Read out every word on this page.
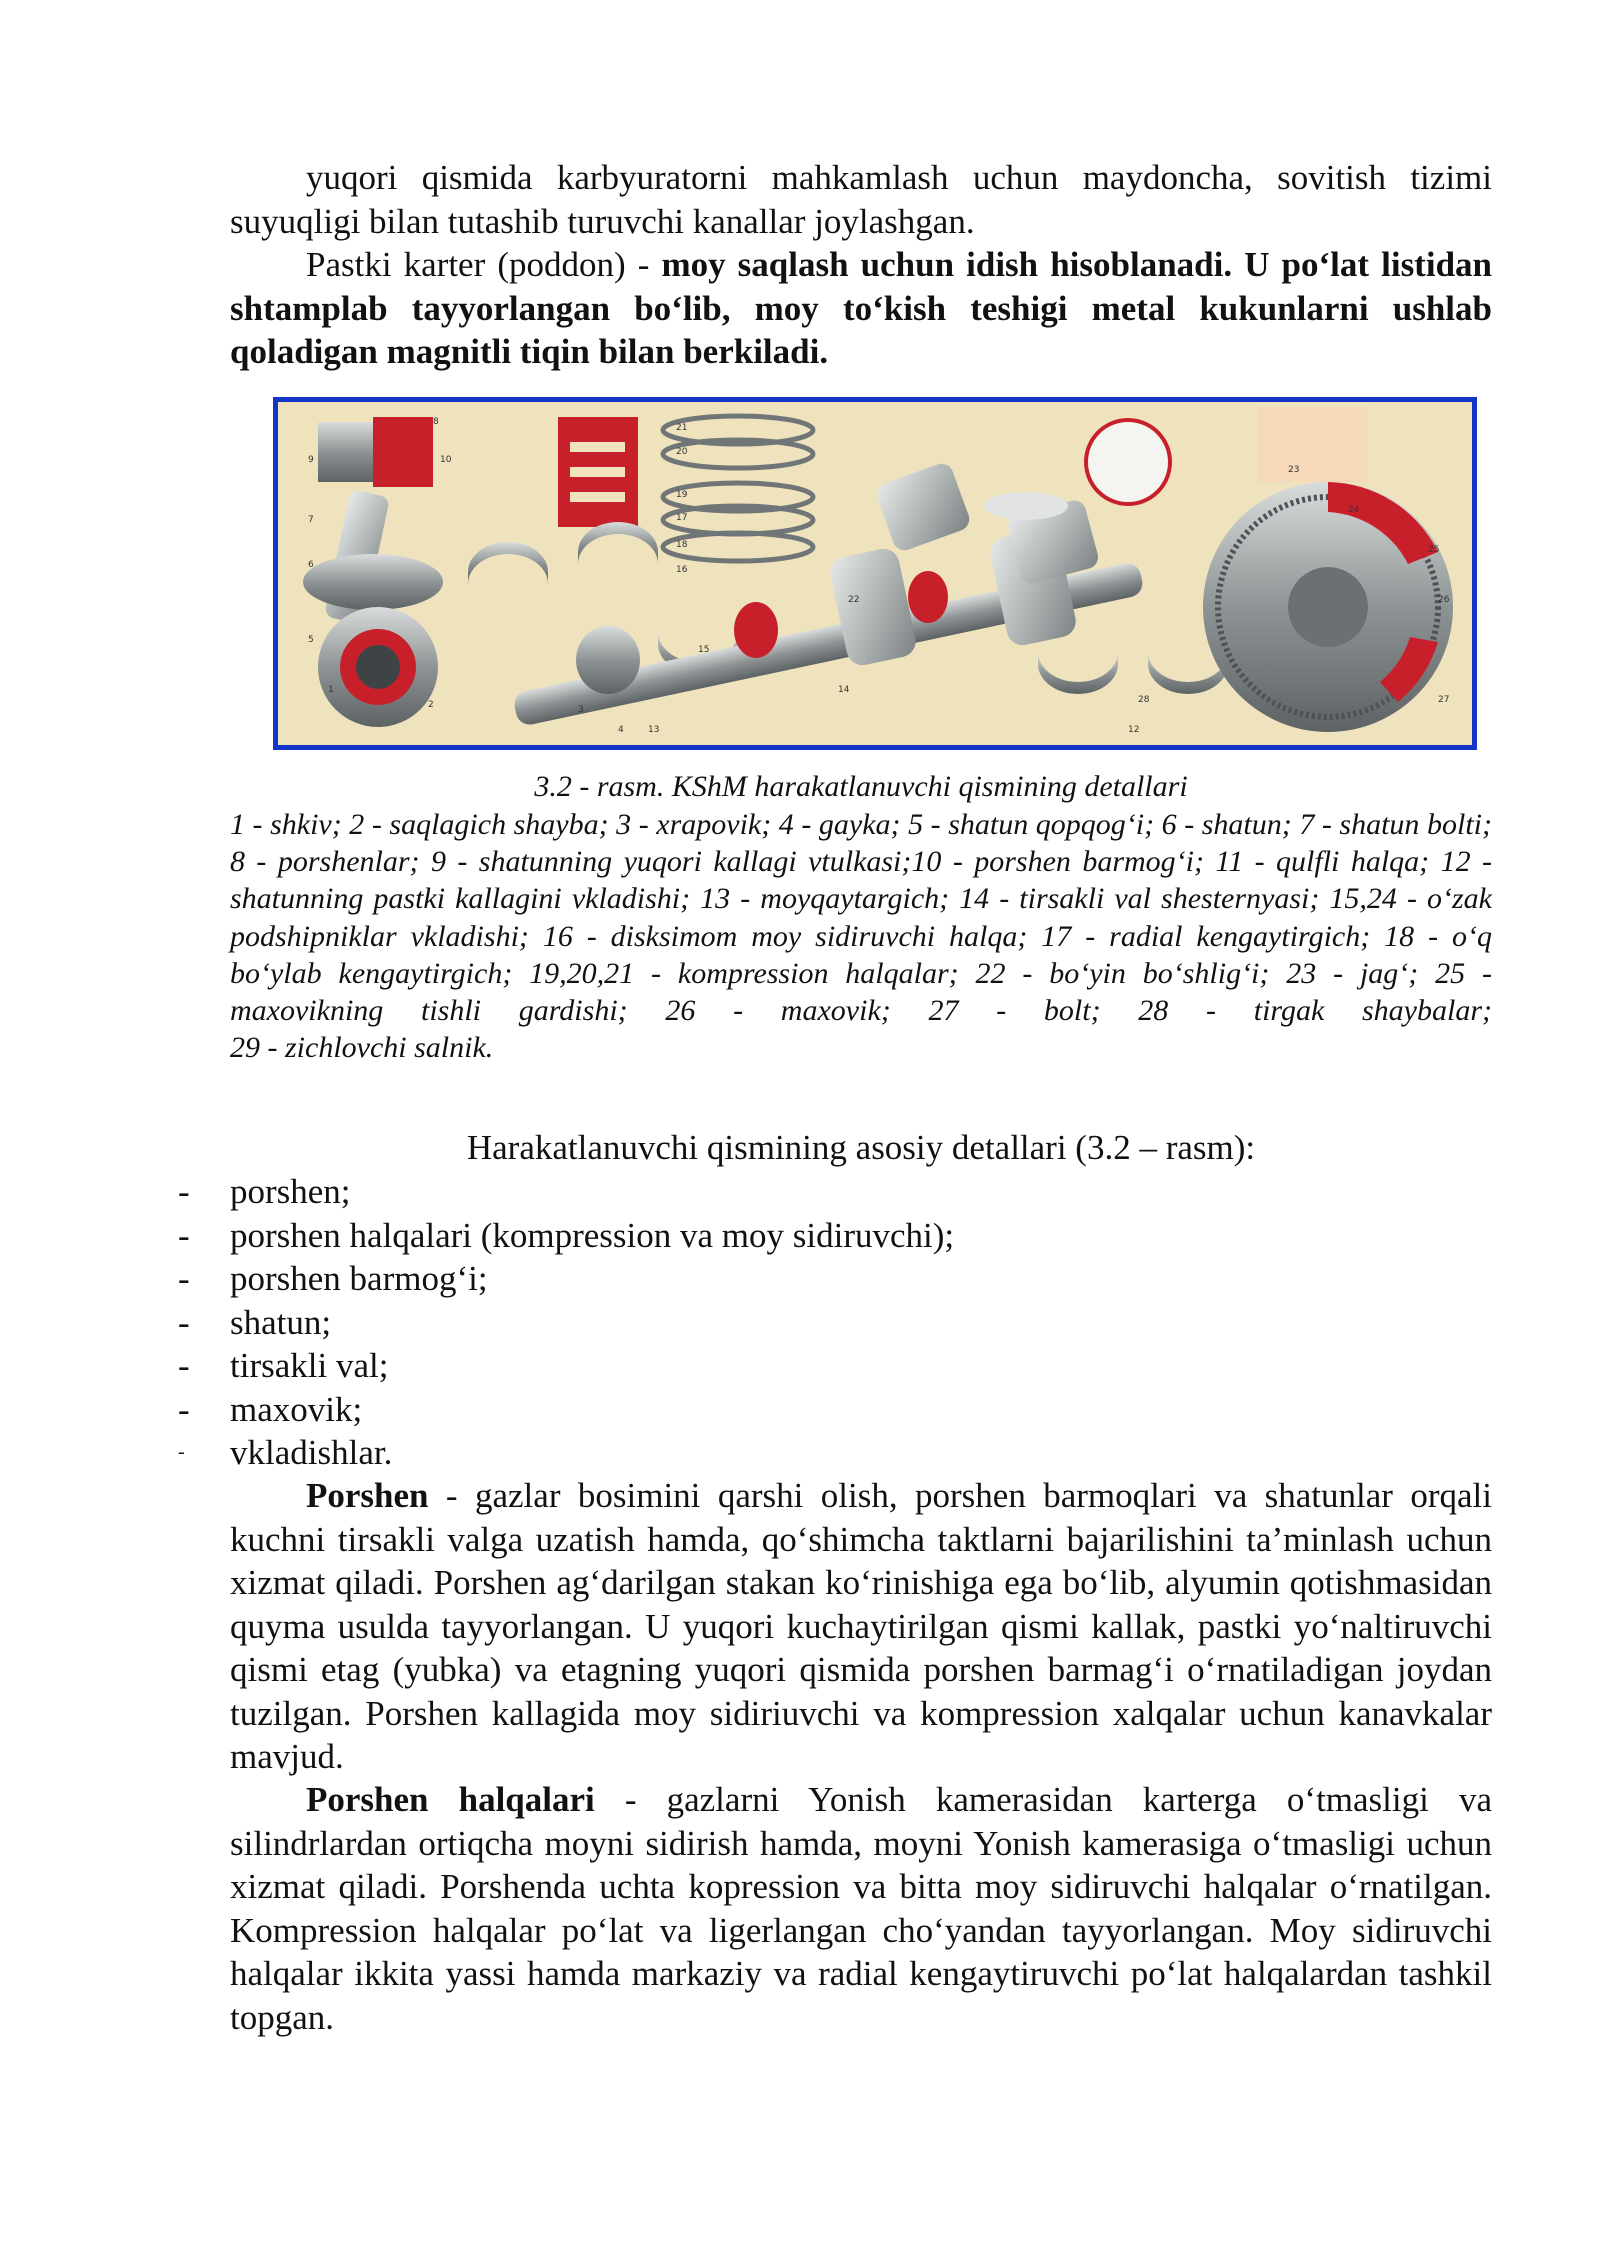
yuqori qismida karbyuratorni mahkamlash uchun maydoncha, sovitish tizimi suyuqligi bilan tutashib turuvchi kanallar joylashgan.

Pastki karter (poddon) - moy saqlash uchun idish hisoblanadi. U po‘lat listidan shtamplab tayyorlangan bo‘lib, moy to‘kish teshigi metal kukunlarni ushlab qoladigan magnitli tiqin bilan berkiladi.

8
10
21
20
9
19
7	17
18
16
15
22
6
1
2	3
4
5
13
14
23
24
25
26
27
28
12

3.2 - rasm. KShM harakatlanuvchi qismining detallari

1 - shkiv; 2 - saqlagich shayba; 3 - xrapovik; 4 - gayka; 5 - shatun qopqog‘i; 6 - shatun; 7 - shatun bolti; 8 - porshenlar; 9 - shatunning yuqori kallagi vtulkasi;10 - porshen barmog‘i; 11 - qulfli halqa; 12 - shatunning pastki kallagini vkladishi; 13 - moyqaytargich; 14 - tirsakli val shesternyasi; 15,24 - o‘zak podshipniklar vkladishi; 16 - disksimom moy sidiruvchi halqa; 17 - radial kengaytirgich; 18 - o‘q bo‘ylab kengaytirgich; 19,20,21 - kompression halqalar; 22 - bo‘yin bo‘shlig‘i; 23 - jag‘; 25 - maxovikning tishli gardishi; 26 - maxovik; 27 - bolt; 28 - tirgak shaybalar;
29 - zichlovchi salnik.

Harakatlanuvchi qismining asosiy detallari (3.2 – rasm):

- porshen;
- porshen halqalari (kompression va moy sidiruvchi);
- porshen barmog‘i;
- shatun;
- tirsakli val;
- maxovik;
- vkladishlar.

Porshen - gazlar bosimini qarshi olish, porshen barmoqlari va shatunlar orqali kuchni tirsakli valga uzatish hamda, qo‘shimcha taktlarni bajarilishini ta’minlash uchun xizmat qiladi. Porshen ag‘darilgan stakan ko‘rinishiga ega bo‘lib, alyumin qotishmasidan quyma usulda tayyorlangan. U yuqori kuchaytirilgan qismi kallak, pastki yo‘naltiruvchi qismi etag (yubka) va etagning yuqori qismida porshen barmag‘i o‘rnatiladigan joydan tuzilgan. Porshen kallagida moy sidiriuvchi va kompression xalqalar uchun kanavkalar mavjud.

Porshen halqalari - gazlarni Yonish kamerasidan karterga o‘tmasligi va silindrlardan ortiqcha moyni sidirish hamda, moyni Yonish kamerasiga o‘tmasligi uchun xizmat qiladi. Porshenda uchta kopression va bitta moy sidiruvchi halqalar o‘rnatilgan. Kompression halqalar po‘lat va ligerlangan cho‘yandan tayyorlangan. Moy sidiruvchi halqalar ikkita yassi hamda markaziy va radial kengaytiruvchi po‘lat halqalardan tashkil topgan.
